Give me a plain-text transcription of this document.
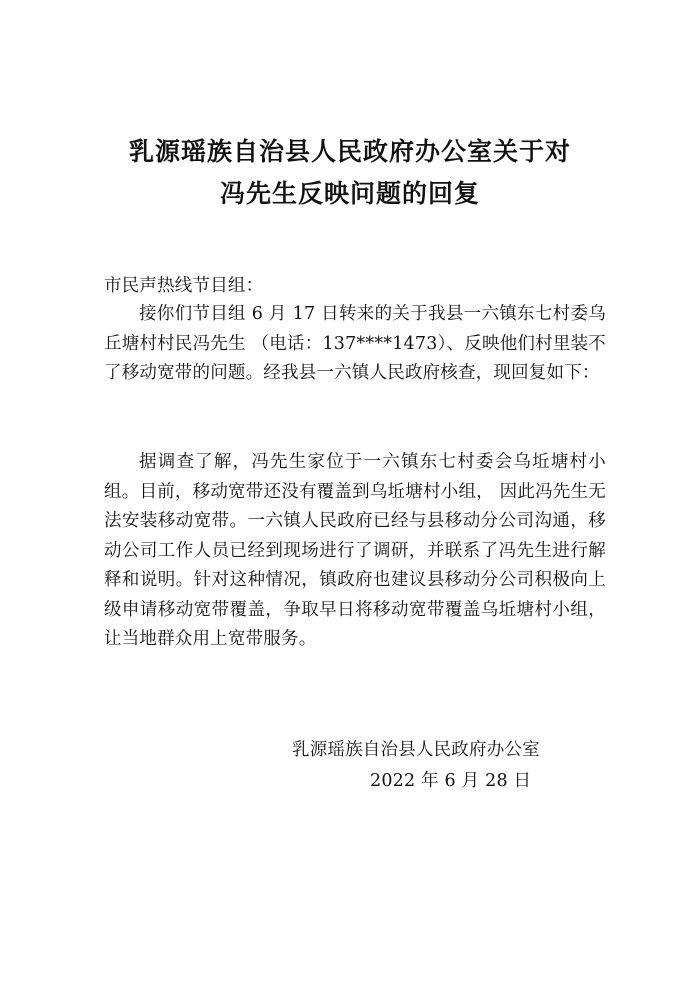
乳源瑶族自治县人民政府办公室关于对
冯先生反映问题的回复
市民声热线节目组：

接你们节目组 6 月 17 日转来的关于我县一六镇东七村委乌丘塘村村民冯先生 （电话：137****1473）、反映他们村里装不了移动宽带的问题。经我县一六镇人民政府核查，现回复如下：

据调查了解，冯先生家位于一六镇东七村委会乌坵塘村小组。目前，移动宽带还没有覆盖到乌坵塘村小组， 因此冯先生无法安装移动宽带。一六镇人民政府已经与县移动分公司沟通，移动公司工作人员已经到现场进行了调研，并联系了冯先生进行解释和说明。针对这种情况，镇政府也建议县移动分公司积极向上级申请移动宽带覆盖，争取早日将移动宽带覆盖乌坵塘村小组，让当地群众用上宽带服务。

乳源瑶族自治县人民政府办公室
2022 年 6 月 28 日
